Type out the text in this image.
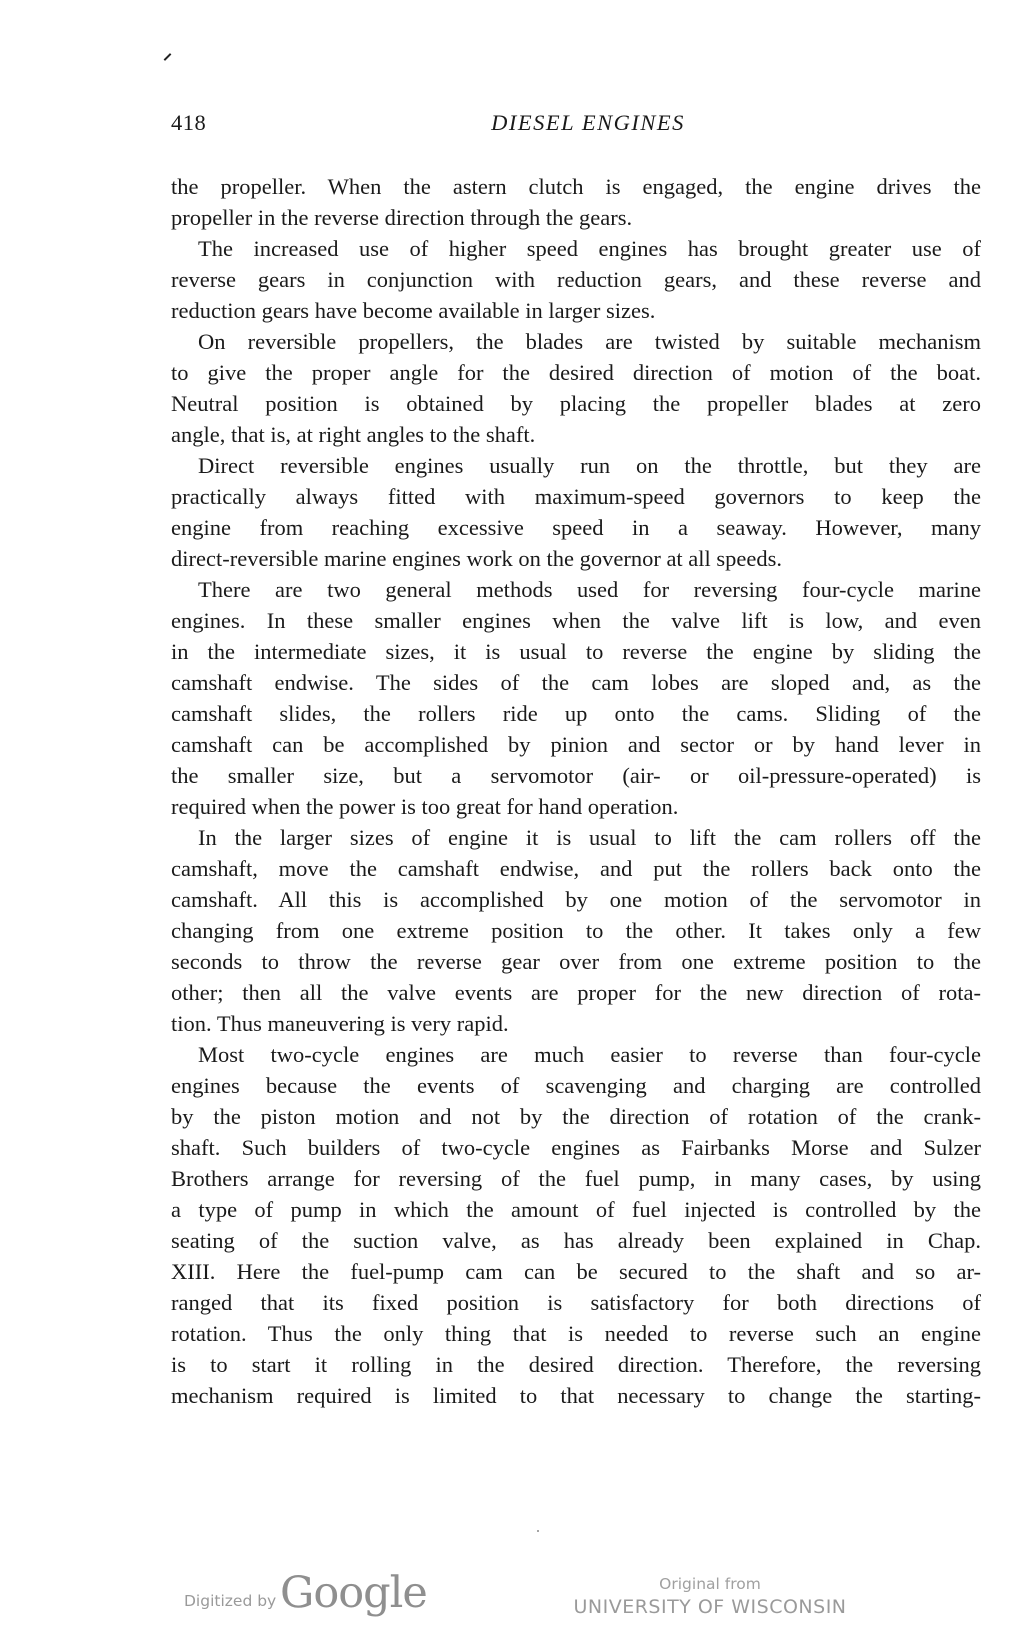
418	DIESEL ENGINES
the propeller. When the astern clutch is engaged, the engine drives the
propeller in the reverse direction through the gears.
The increased use of higher speed engines has brought greater use of
reverse gears in conjunction with reduction gears, and these reverse and
reduction gears have become available in larger sizes.
On reversible propellers, the blades are twisted by suitable mechanism
to give the proper angle for the desired direction of motion of the boat.
Neutral position is obtained by placing the propeller blades at zero
angle, that is, at right angles to the shaft.
Direct reversible engines usually run on the throttle, but they are
practically always fitted with maximum-speed governors to keep the
engine from reaching excessive speed in a seaway. However, many
direct-reversible marine engines work on the governor at all speeds.
There are two general methods used for reversing four-cycle marine
engines. In these smaller engines when the valve lift is low, and even
in the intermediate sizes, it is usual to reverse the engine by sliding the
camshaft endwise. The sides of the cam lobes are sloped and, as the
camshaft slides, the rollers ride up onto the cams. Sliding of the
camshaft can be accomplished by pinion and sector or by hand lever in
the smaller size, but a servomotor (air- or oil-pressure-operated) is
required when the power is too great for hand operation.
In the larger sizes of engine it is usual to lift the cam rollers off the
camshaft, move the camshaft endwise, and put the rollers back onto the
camshaft. All this is accomplished by one motion of the servomotor in
changing from one extreme position to the other. It takes only a few
seconds to throw the reverse gear over from one extreme position to the
other; then all the valve events are proper for the new direction of rota-
tion. Thus maneuvering is very rapid.
Most two-cycle engines are much easier to reverse than four-cycle
engines because the events of scavenging and charging are controlled
by the piston motion and not by the direction of rotation of the crank-
shaft. Such builders of two-cycle engines as Fairbanks Morse and Sulzer
Brothers arrange for reversing of the fuel pump, in many cases, by using
a type of pump in which the amount of fuel injected is controlled by the
seating of the suction valve, as has already been explained in Chap.
XIII. Here the fuel-pump cam can be secured to the shaft and so ar-
ranged that its fixed position is satisfactory for both directions of
rotation. Thus the only thing that is needed to reverse such an engine
is to start it rolling in the desired direction. Therefore, the reversing
mechanism required is limited to that necessary to change the starting-
Digitized by Google	Original from
UNIVERSITY OF WISCONSIN
